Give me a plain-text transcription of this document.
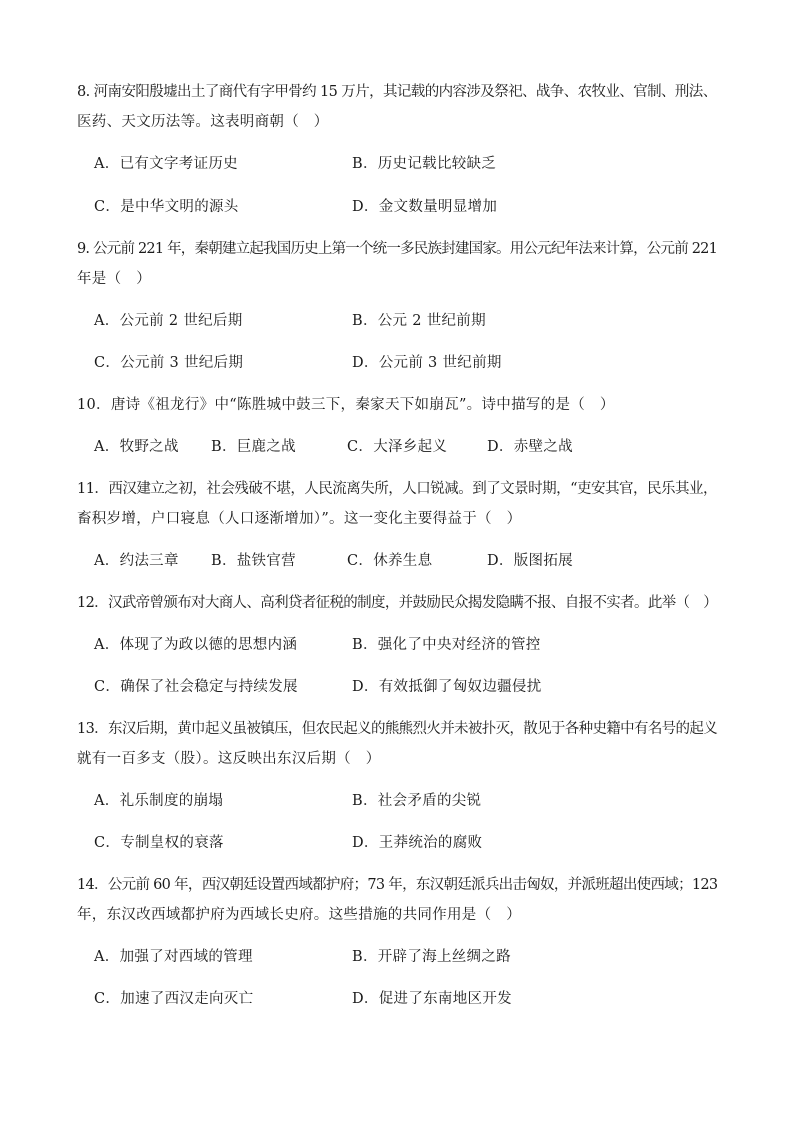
8. 河南安阳殷墟出土了商代有字甲骨约 15 万片，其记载的内容涉及祭祀、战争、农牧业、官制、刑法、
医药、天文历法等。这表明商朝（　）
A．已有文字考证历史	B．历史记载比较缺乏
C．是中华文明的源头	D．金文数量明显增加
9. 公元前 221 年，秦朝建立起我国历史上第一个统一多民族封建国家。用公元纪年法来计算，公元前 221
年是（　）
A．公元前 2 世纪后期	B．公元 2 世纪前期
C．公元前 3 世纪后期	D．公元前 3 世纪前期
10．唐诗《祖龙行》中“陈胜城中鼓三下，秦家天下如崩瓦”。诗中描写的是（　）
A．牧野之战 B．巨鹿之战	C．大泽乡起义	D．赤壁之战
11．西汉建立之初，社会残破不堪，人民流离失所，人口锐减。到了文景时期，“吏安其官，民乐其业，
畜积岁增，户口寝息（人口逐渐增加）”。这一变化主要得益于（　）
A．约法三章 B．盐铁官营	C．休养生息	D．版图拓展
12．汉武帝曾颁布对大商人、高利贷者征税的制度，并鼓励民众揭发隐瞒不报、自报不实者。此举（　）
A．体现了为政以德的思想内涵	B．强化了中央对经济的管控
C．确保了社会稳定与持续发展	D．有效抵御了匈奴边疆侵扰
13．东汉后期，黄巾起义虽被镇压，但农民起义的熊熊烈火并未被扑灭，散见于各种史籍中有名号的起义
就有一百多支（股）。这反映出东汉后期（　）
A．礼乐制度的崩塌	B．社会矛盾的尖锐
C．专制皇权的衰落	D．王莽统治的腐败
14．公元前 60 年，西汉朝廷设置西域都护府；73 年，东汉朝廷派兵出击匈奴，并派班超出使西域；123
年，东汉改西域都护府为西域长史府。这些措施的共同作用是（　）
A．加强了对西域的管理	B．开辟了海上丝绸之路
C．加速了西汉走向灭亡	D．促进了东南地区开发
